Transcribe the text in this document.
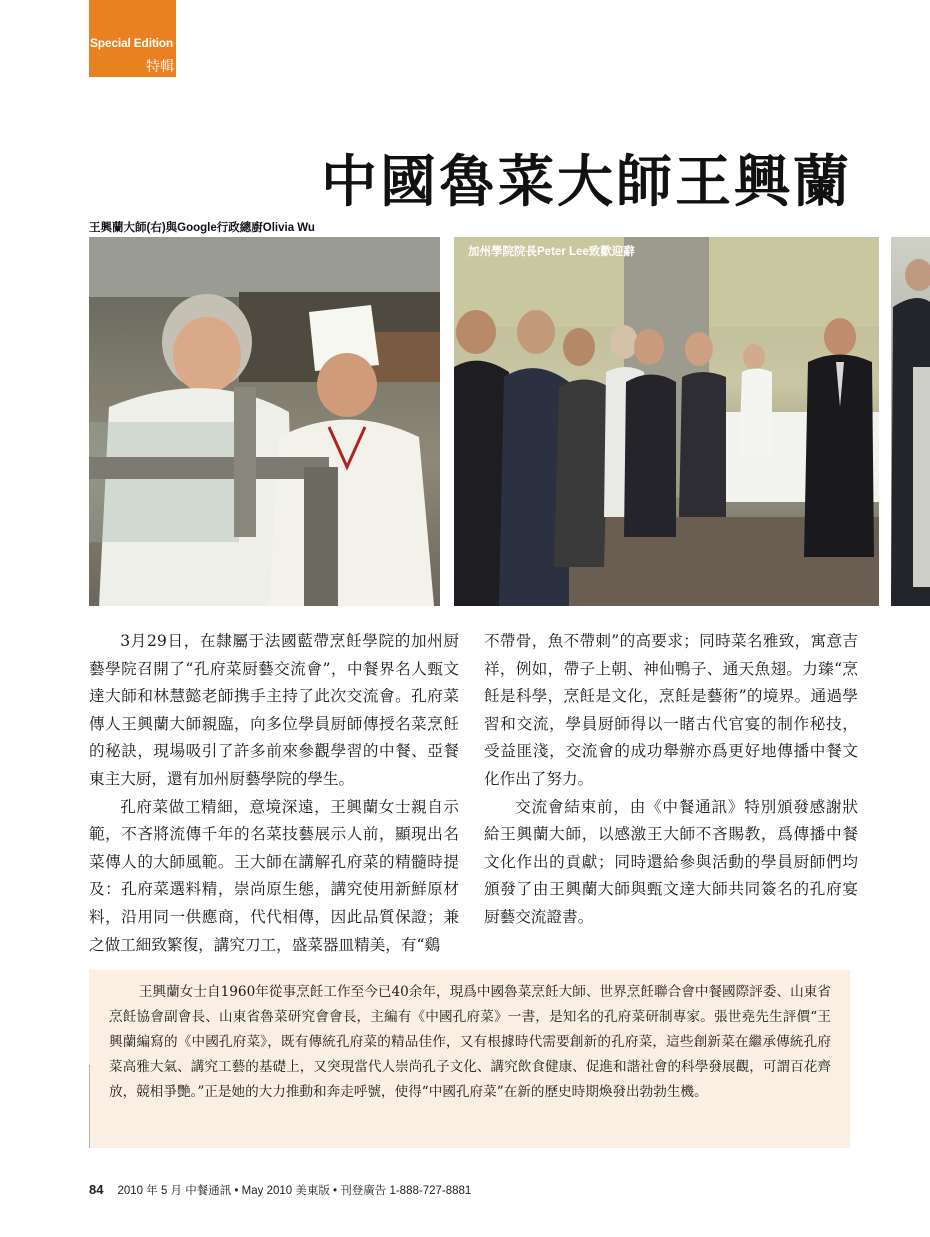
Special Edition
特輯
中國魯菜大師王興蘭
王興蘭大師(右)與Google行政總廚Olivia Wu
加州學院院長Peter Lee致歡迎辭

3月29日，在隸屬于法國藍帶烹飪學院的加州厨藝學院召開了“孔府菜厨藝交流會”，中餐界名人甄文達大師和林慧懿老師携手主持了此次交流會。孔府菜傳人王興蘭大師親臨，向多位學員厨師傳授名菜烹飪的秘訣，現場吸引了許多前來參觀學習的中餐、亞餐東主大厨，還有加州厨藝學院的學生。

孔府菜做工精細，意境深遠，王興蘭女士親自示範，不吝將流傳千年的名菜技藝展示人前，顯現出名菜傳人的大師風範。王大師在講解孔府菜的精髓時提及：孔府菜選料精，崇尚原生態，講究使用新鮮原材料，沿用同一供應商，代代相傳，因此品質保證；兼之做工細致繁復，講究刀工，盛菜器皿精美，有“鷄

不帶骨，魚不帶刺”的高要求；同時菜名雅致，寓意吉祥，例如，帶子上朝、神仙鴨子、通天魚翅。力臻“烹飪是科學，烹飪是文化，烹飪是藝術”的境界。通過學習和交流，學員厨師得以一睹古代官宴的制作秘技，受益匪淺，交流會的成功舉辦亦爲更好地傳播中餐文化作出了努力。

交流會結束前，由《中餐通訊》特別頒發感謝狀給王興蘭大師，以感激王大師不吝賜教，爲傳播中餐文化作出的貢獻；同時還給參與活動的學員厨師們均頒發了由王興蘭大師與甄文達大師共同簽名的孔府宴厨藝交流證書。

王興蘭女士自1960年從事烹飪工作至今已40余年，現爲中國魯菜烹飪大師、世界烹飪聯合會中餐國際評委、山東省烹飪協會副會長、山東省魯菜研究會會長，主編有《中國孔府菜》一書，是知名的孔府菜研制專家。張世堯先生評價“王興蘭編寫的《中國孔府菜》，既有傳統孔府菜的精品佳作，又有根據時代需要創新的孔府菜，這些創新菜在繼承傳統孔府菜高雅大氣、講究工藝的基礎上，又突現當代人崇尚孔子文化、講究飲食健康、促進和諧社會的科學發展觀，可謂百花齊放，競相爭艷。”正是她的大力推動和奔走呼號，使得“中國孔府菜”在新的歷史時期煥發出勃勃生機。

84 2010 年 5 月 中餐通訊 • May 2010 美東版 • 刊登廣告 1-888-727-8881
